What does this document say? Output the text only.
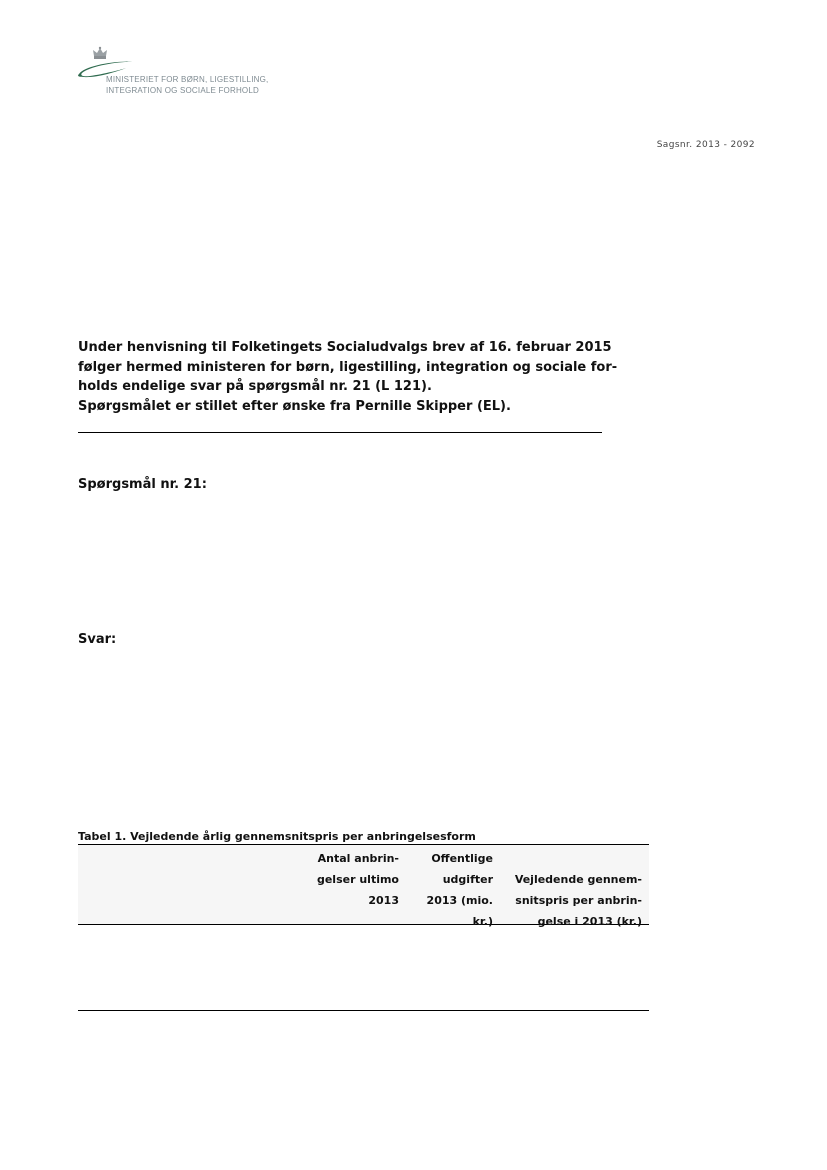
MINISTERIET FOR BØRN, LIGESTILLING,
INTEGRATION OG SOCIALE FORHOLD
Sagsnr. 2013 - 2092
Under henvisning til Folketingets Socialudvalgs brev af 16. februar 2015
følger hermed ministeren for børn, ligestilling, integration og sociale for-
holds endelige svar på spørgsmål nr. 21 (L 121).
Spørgsmålet er stillet efter ønske fra Pernille Skipper (EL).
Spørgsmål nr. 21:
Svar:
Tabel 1. Vejledende årlig gennemsnitspris per anbringelsesform
Antal anbrin-
gelser ultimo
2013
Offentlige
udgifter
2013 (mio.
kr.)
Vejledende gennem-
snitspris per anbrin-
gelse i 2013 (kr.)
